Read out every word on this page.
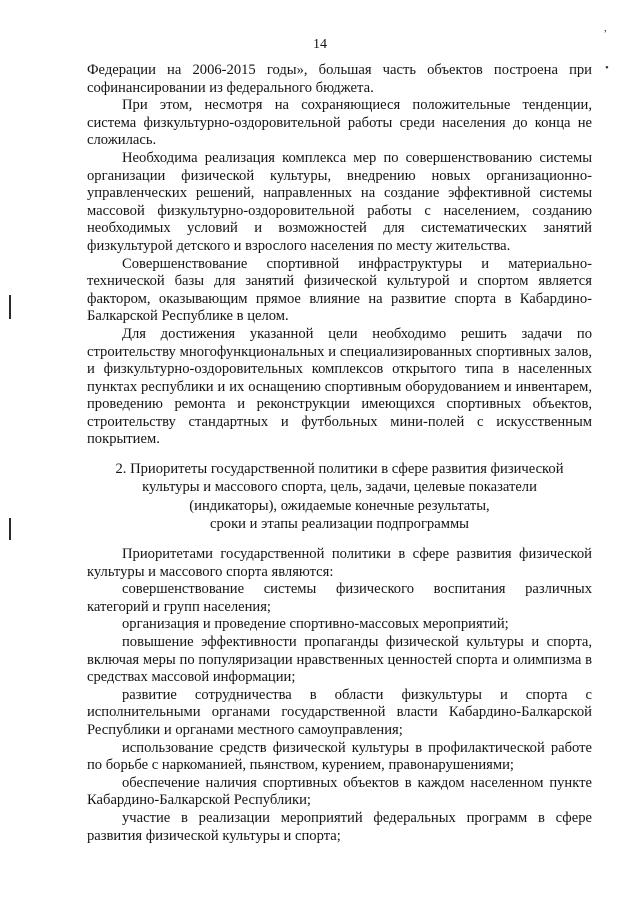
14
,
•

Федерации на 2006-2015 годы», большая часть объектов построена при софинансировании из федерального бюджета.

При этом, несмотря на сохраняющиеся положительные тенденции, система физкультурно-оздоровительной работы среди населения до конца не сложилась.

Необходима реализация комплекса мер по совершенствованию системы организации физической культуры, внедрению новых организационно-управленческих решений, направленных на создание эффективной системы массовой физкультурно-оздоровительной работы с населением, созданию необходимых условий и возможностей для систематических занятий физкультурой детского и взрослого населения по месту жительства.

Совершенствование спортивной инфраструктуры и материально-технической базы для занятий физической культурой и спортом является фактором, оказывающим прямое влияние на развитие спорта в Кабардино-Балкарской Республике в целом.

Для достижения указанной цели необходимо решить задачи по строительству многофункциональных и специализированных спортивных залов, и физкультурно-оздоровительных комплексов открытого типа в населенных пунктах республики и их оснащению спортивным оборудованием и инвентарем, проведению ремонта и реконструкции имеющихся спортивных объектов, строительству стандартных и футбольных мини-полей с искусственным покрытием.

2. Приоритеты государственной политики в сфере развития физической
культуры и массового спорта, цель, задачи, целевые показатели
(индикаторы), ожидаемые конечные результаты,
сроки и этапы реализации подпрограммы

Приоритетами государственной политики в сфере развития физической культуры и массового спорта являются:

совершенствование системы физического воспитания различных категорий и групп населения;

организация и проведение спортивно-массовых мероприятий;

повышение эффективности пропаганды физической культуры и спорта, включая меры по популяризации нравственных ценностей спорта и олимпизма в средствах массовой информации;

развитие сотрудничества в области физкультуры и спорта с исполнительными органами государственной власти Кабардино-Балкарской Республики и органами местного самоуправления;

использование средств физической культуры в профилактической работе по борьбе с наркоманией, пьянством, курением, правонарушениями;

обеспечение наличия спортивных объектов в каждом населенном пункте Кабардино-Балкарской Республики;

участие в реализации мероприятий федеральных программ в сфере развития физической культуры и спорта;
